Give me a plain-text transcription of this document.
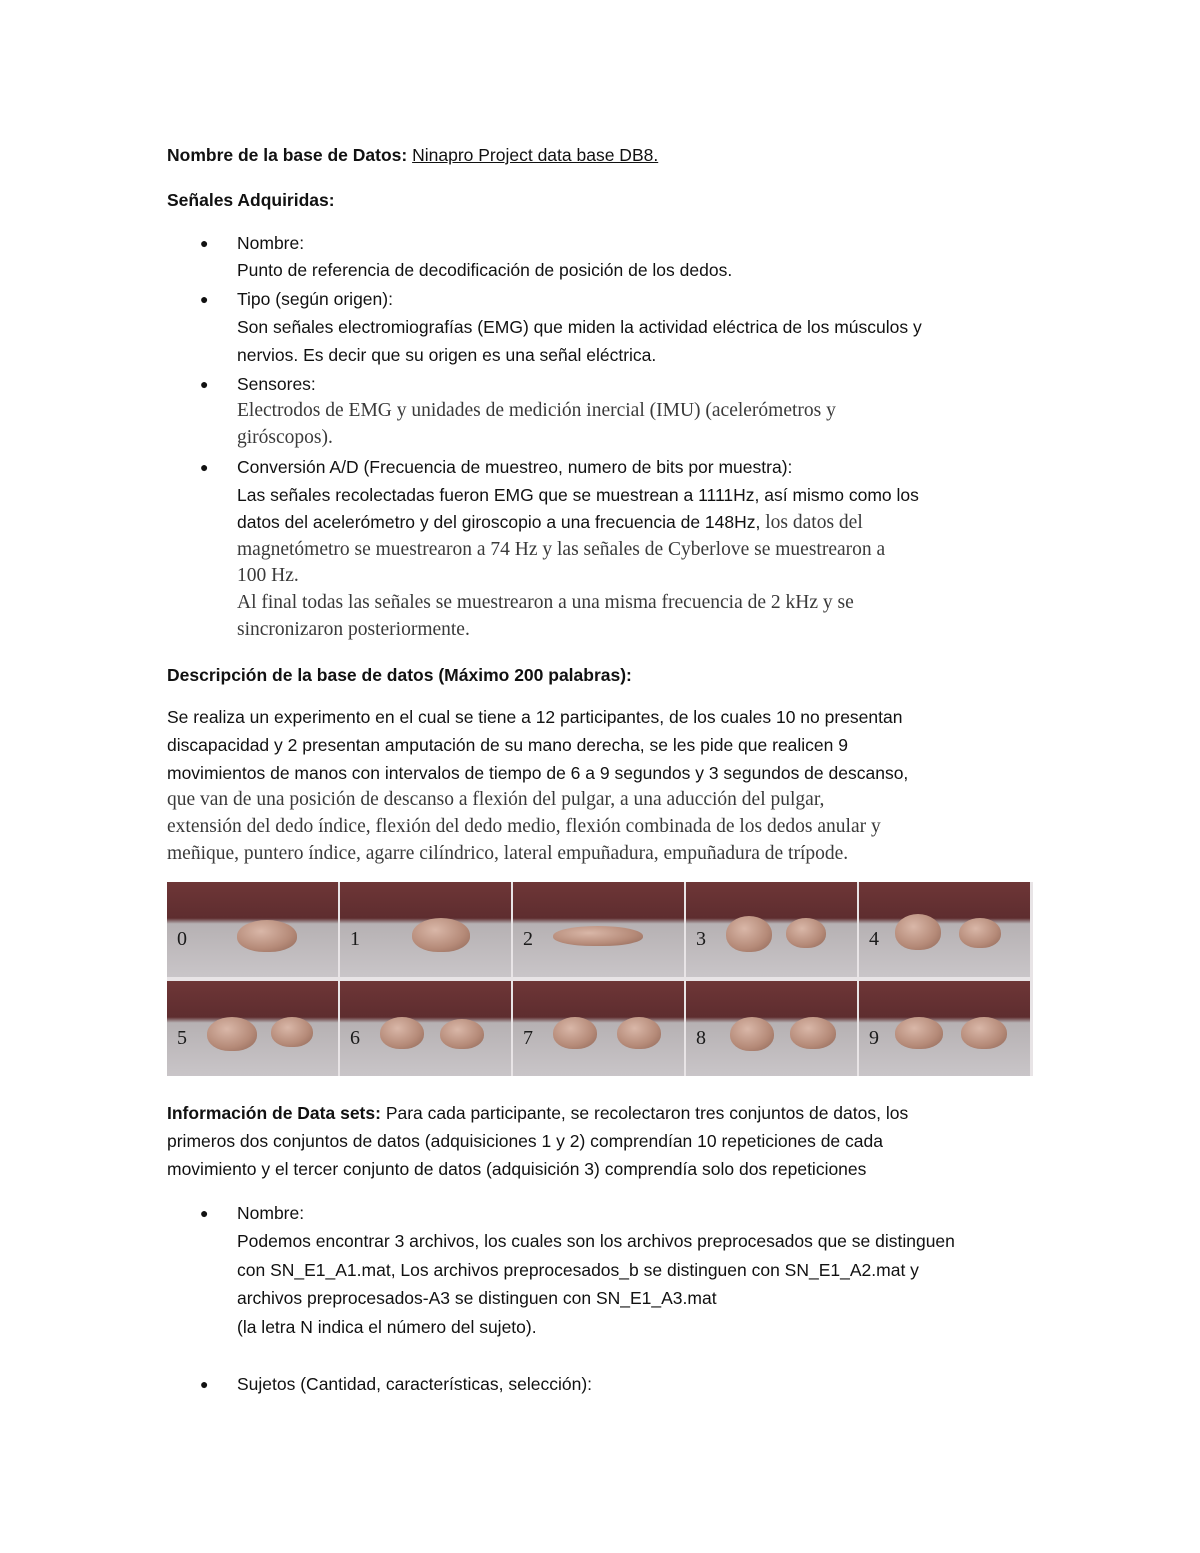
Nombre de la base de Datos: Ninapro Project data base DB8.
Señales Adquiridas:
● Nombre:
Punto de referencia de decodificación de posición de los dedos.
● Tipo (según origen):
Son señales electromiografías (EMG) que miden la actividad eléctrica de los músculos y
nervios. Es decir que su origen es una señal eléctrica.
● Sensores:
Electrodos de EMG y unidades de medición inercial (IMU) (acelerómetros y
giróscopos).
● Conversión A/D (Frecuencia de muestreo, numero de bits por muestra):
Las señales recolectadas fueron EMG que se muestrean a 1111Hz, así mismo como los
datos del acelerómetro y del giroscopio a una frecuencia de 148Hz, los datos del
magnetómetro se muestrearon a 74 Hz y las señales de Cyberlove se muestrearon a
100 Hz.
Al final todas las señales se muestrearon a una misma frecuencia de 2 kHz y se
sincronizaron posteriormente.
Descripción de la base de datos (Máximo 200 palabras):
Se realiza un experimento en el cual se tiene a 12 participantes, de los cuales 10 no presentan
discapacidad y 2 presentan amputación de su mano derecha, se les pide que realicen 9
movimientos de manos con intervalos de tiempo de 6 a 9 segundos y 3 segundos de descanso,
que van de una posición de descanso a flexión del pulgar, a una aducción del pulgar,
extensión del dedo índice, flexión del dedo medio, flexión combinada de los dedos anular y
meñique, puntero índice, agarre cilíndrico, lateral empuñadura, empuñadura de trípode.
0	1	2	3	4
5	6	7	8	9
Información de Data sets: Para cada participante, se recolectaron tres conjuntos de datos, los
primeros dos conjuntos de datos (adquisiciones 1 y 2) comprendían 10 repeticiones de cada
movimiento y el tercer conjunto de datos (adquisición 3) comprendía solo dos repeticiones
● Nombre:
Podemos encontrar 3 archivos, los cuales son los archivos preprocesados que se distinguen
con SN_E1_A1.mat, Los archivos preprocesados_b se distinguen con SN_E1_A2.mat y
archivos preprocesados-A3 se distinguen con SN_E1_A3.mat
(la letra N indica el número del sujeto).
● Sujetos (Cantidad, características, selección):
